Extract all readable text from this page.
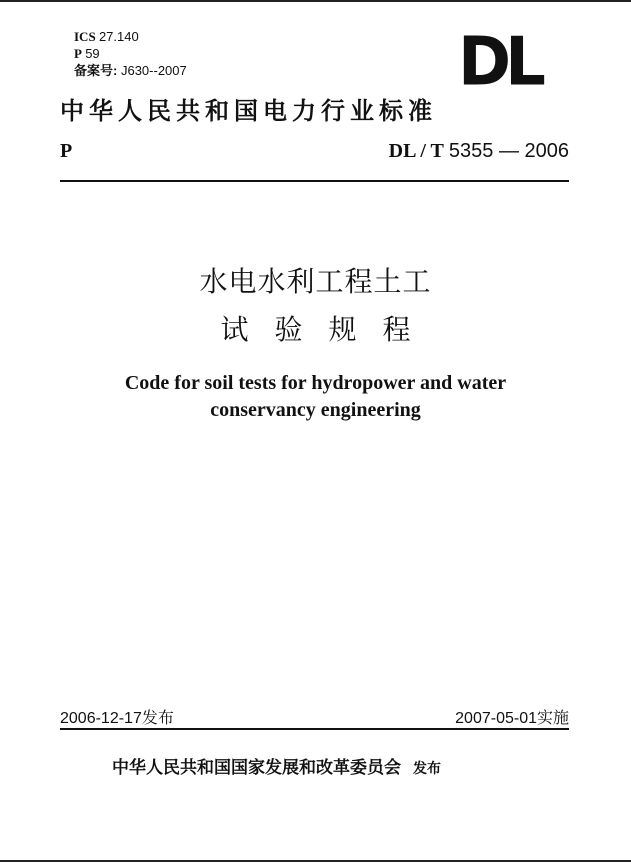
ICS 27.140
P 59
备案号: J630--2007	DL
中华人民共和国电力行业标准
P	DL / T 5355 — 2006
水电水利工程土工
试验规程
Code for soil tests for hydropower and water
conservancy engineering
2006-12-17发布	2007-05-01实施
中华人民共和国国家发展和改革委员会 发布
